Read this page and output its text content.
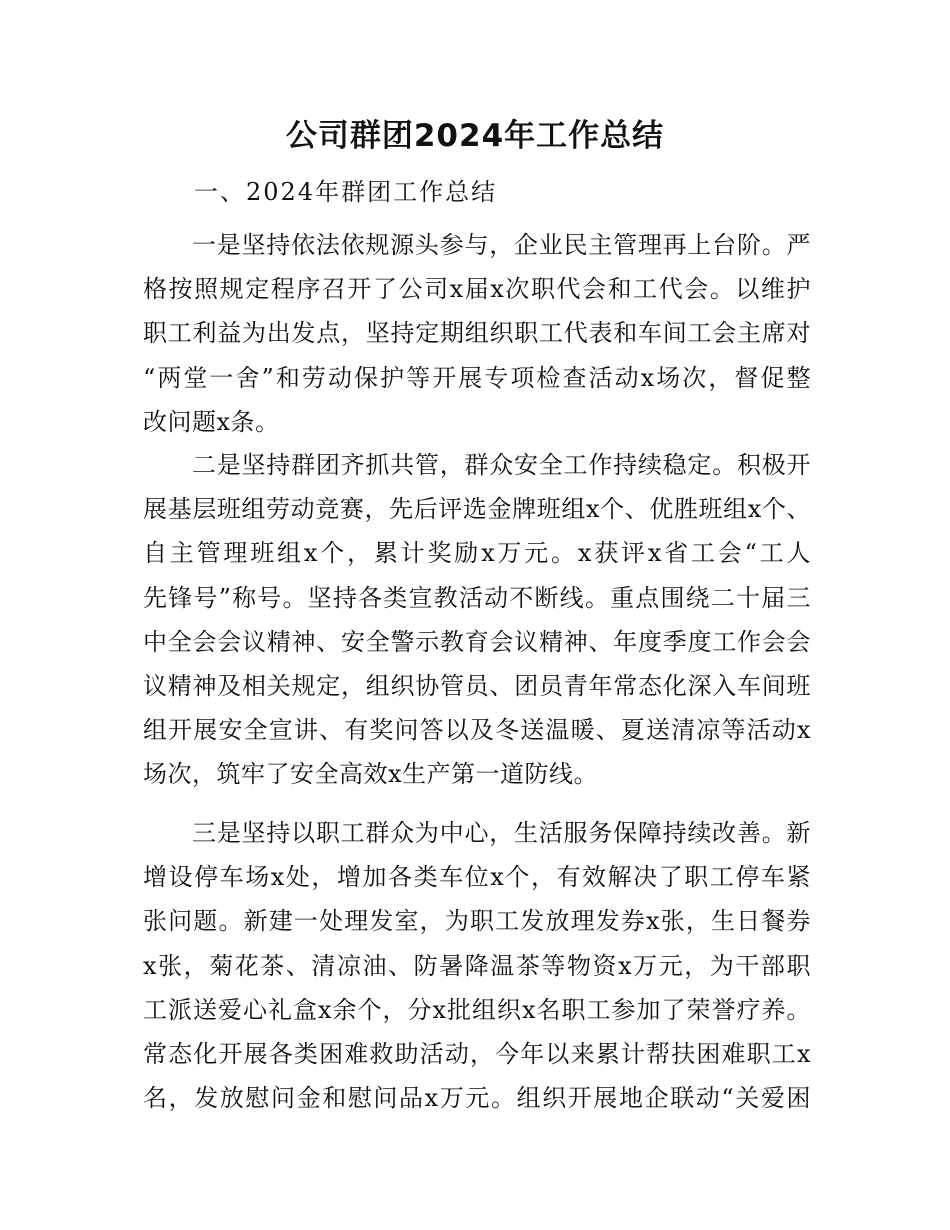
公司群团2024年工作总结
一、2024年群团工作总结
一是坚持依法依规源头参与，企业民主管理再上台阶。严
格按照规定程序召开了公司x届x次职代会和工代会。以维护
职工利益为出发点，坚持定期组织职工代表和车间工会主席对
“两堂一舍”和劳动保护等开展专项检查活动x场次，督促整
改问题x条。
二是坚持群团齐抓共管，群众安全工作持续稳定。积极开
展基层班组劳动竞赛，先后评选金牌班组x个、优胜班组x个、
自主管理班组x个，累计奖励x万元。x获评x省工会“工人
先锋号”称号。坚持各类宣教活动不断线。重点围绕二十届三
中全会会议精神、安全警示教育会议精神、年度季度工作会会
议精神及相关规定，组织协管员、团员青年常态化深入车间班
组开展安全宣讲、有奖问答以及冬送温暖、夏送清凉等活动x
场次，筑牢了安全高效x生产第一道防线。
三是坚持以职工群众为中心，生活服务保障持续改善。新
增设停车场x处，增加各类车位x个，有效解决了职工停车紧
张问题。新建一处理发室，为职工发放理发券x张，生日餐券
x张，菊花茶、清凉油、防暑降温茶等物资x万元，为干部职
工派送爱心礼盒x余个，分x批组织x名职工参加了荣誉疗养。
常态化开展各类困难救助活动，今年以来累计帮扶困难职工x
名，发放慰问金和慰问品x万元。组织开展地企联动“关爱困
